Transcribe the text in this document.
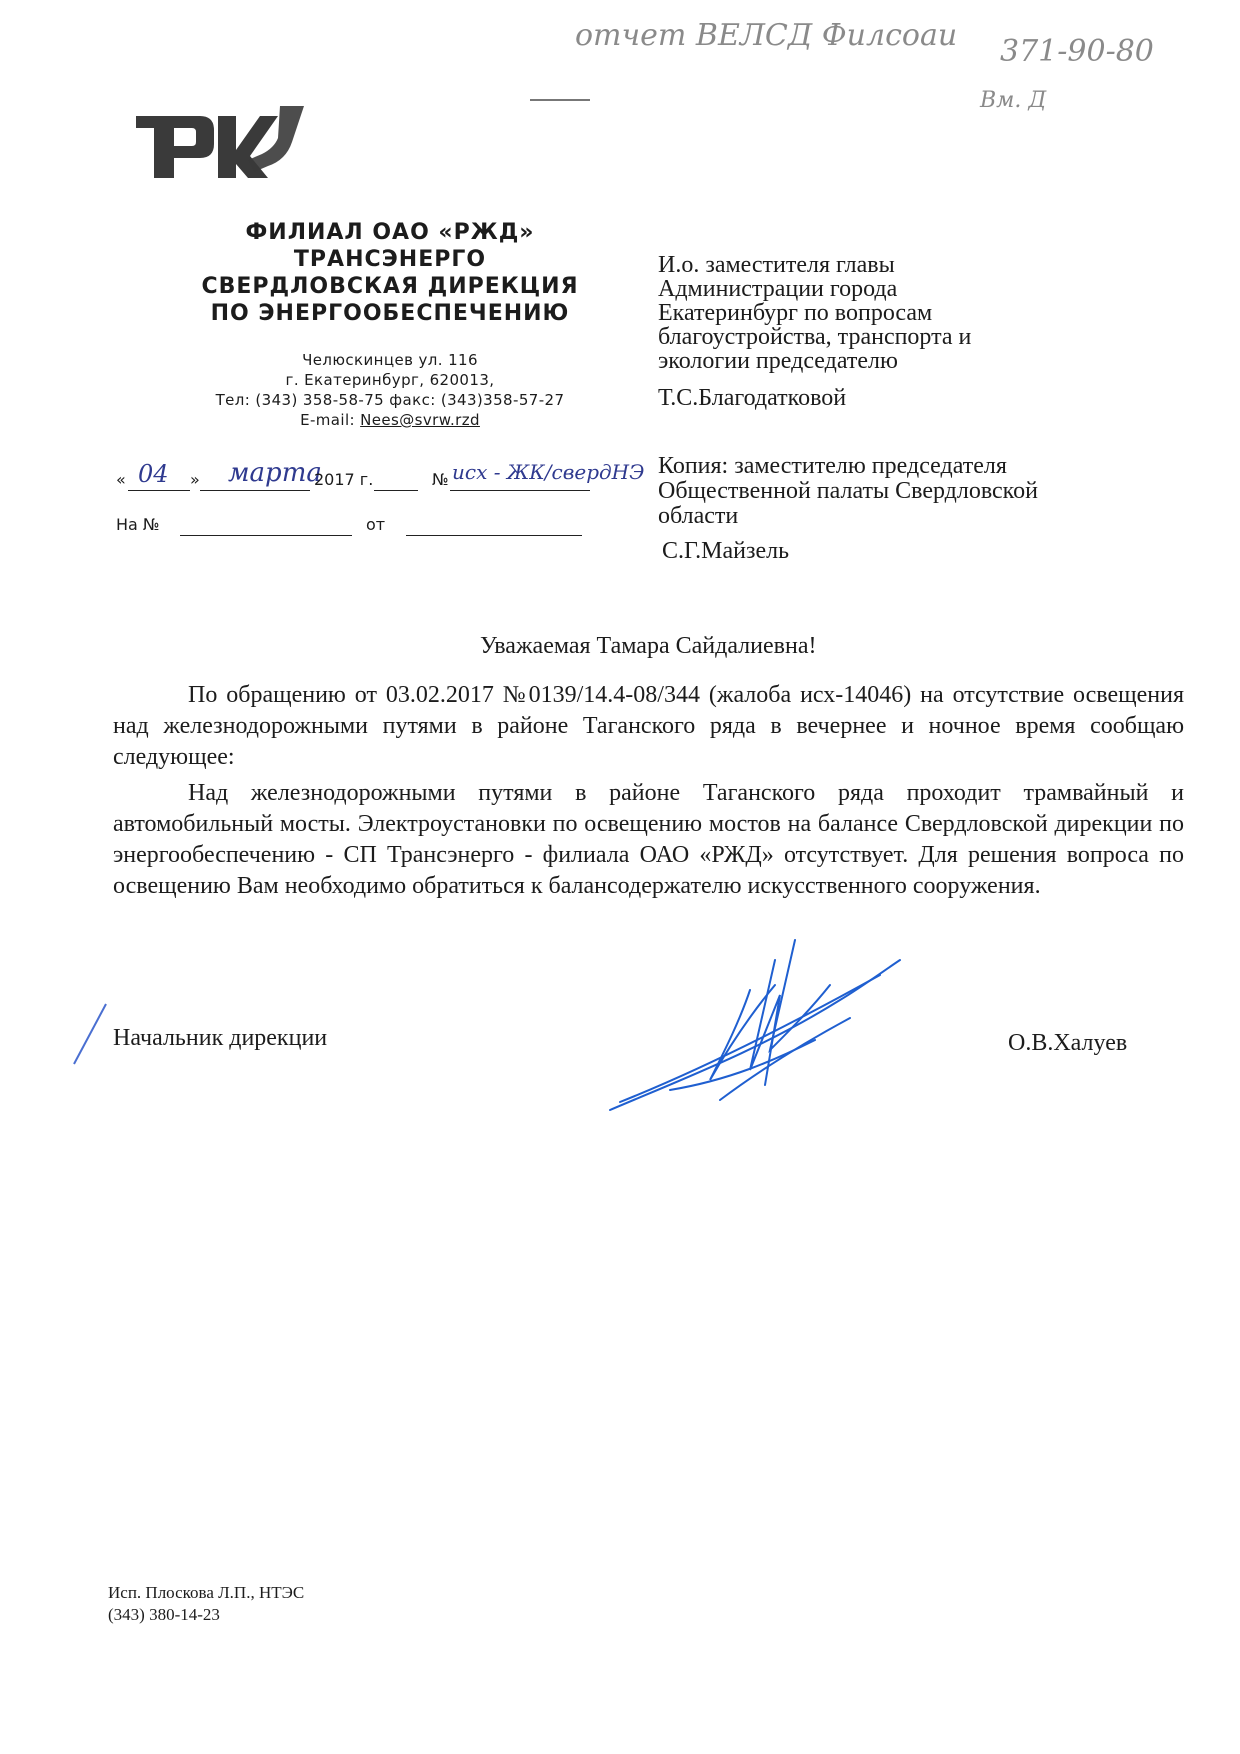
отчет ВЕЛСД Филсоаи 371-90-80
Вм. Д
ФИЛИАЛ ОАО «РЖД»
ТРАНСЭНЕРГО
СВЕРДЛОВСКАЯ ДИРЕКЦИЯ
ПО ЭНЕРГООБЕСПЕЧЕНИЮ
Челюскинцев ул. 116
г. Екатеринбург, 620013,
Тел: (343) 358-58-75 факс: (343)358-57-27
E-mail: Nees@svrw.rzd
« 04 » марта
2017 г.	№ исх - ЖК/свердНЭ
На №	от
И.о. заместителя главы
Администрации города
Екатеринбург по вопросам
благоустройства, транспорта и
экологии председателю
Т.С.Благодатковой
Копия: заместителю председателя
Общественной палаты Свердловской
области
С.Г.Майзель
Уважаемая Тамара Сайдалиевна!

По обращению от 03.02.2017 №0139/14.4-08/344 (жалоба исх-14046) на отсутствие освещения над железнодорожными путями в районе Таганского ряда в вечернее и ночное время сообщаю следующее:

Над железнодорожными путями в районе Таганского ряда проходит трамвайный и автомобильный мосты. Электроустановки по освещению мостов на балансе Свердловской дирекции по энергообеспечению - СП Трансэнерго - филиала ОАО «РЖД» отсутствует. Для решения вопроса по освещению Вам необходимо обратиться к балансодержателю искусственного сооружения.

Начальник дирекции	О.В.Халуев
Исп. Плоскова Л.П., НТЭС
(343) 380-14-23
